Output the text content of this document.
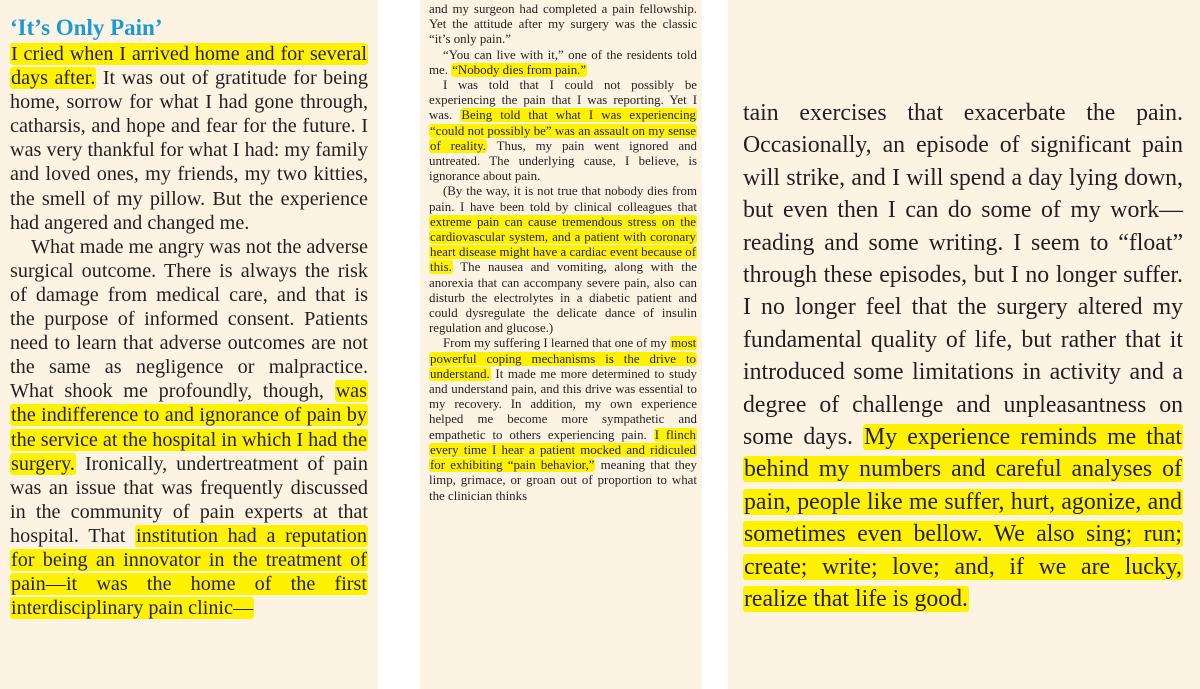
‘It’s Only Pain’

I cried when I arrived home and for several days after. It was out of gratitude for being home, sorrow for what I had gone through, catharsis, and hope and fear for the future. I was very thankful for what I had: my family and loved ones, my friends, my two kitties, the smell of my pillow. But the experience had angered and changed me.

What made me angry was not the adverse surgical outcome. There is always the risk of damage from medical care, and that is the purpose of informed consent. Patients need to learn that adverse outcomes are not the same as negligence or malpractice. What shook me profoundly, though, was the indifference to and ignorance of pain by the service at the hospital in which I had the surgery. Ironically, undertreatment of pain was an issue that was frequently discussed in the community of pain experts at that hospital. That institution had a reputation for being an innovator in the treatment of pain—it was the home of the first interdisciplinary pain clinic—

and my surgeon had completed a pain fellowship. Yet the attitude after my surgery was the classic “it’s only pain.”

“You can live with it,” one of the residents told me. “Nobody dies from pain.”

I was told that I could not possibly be experiencing the pain that I was reporting. Yet I was. Being told that what I was experiencing “could not possibly be” was an assault on my sense of reality. Thus, my pain went ignored and untreated. The underlying cause, I believe, is ignorance about pain.

(By the way, it is not true that nobody dies from pain. I have been told by clinical colleagues that extreme pain can cause tremendous stress on the cardiovascular system, and a patient with coronary heart disease might have a cardiac event because of this. The nausea and vomiting, along with the anorexia that can accompany severe pain, also can disturb the electrolytes in a diabetic patient and could dysregulate the delicate dance of insulin regulation and glucose.)

From my suffering I learned that one of my most powerful coping mechanisms is the drive to understand. It made me more determined to study and understand pain, and this drive was essential to my recovery. In addition, my own experience helped me become more sympathetic and empathetic to others experiencing pain. I flinch every time I hear a patient mocked and ridiculed for exhibiting “pain behavior,” meaning that they limp, grimace, or groan out of proportion to what the clinician thinks

tain exercises that exacerbate the pain. Occasionally, an episode of significant pain will strike, and I will spend a day lying down, but even then I can do some of my work—reading and some writing. I seem to “float” through these episodes, but I no longer suffer. I no longer feel that the surgery altered my fundamental quality of life, but rather that it introduced some limitations in activity and a degree of challenge and unpleasantness on some days. My experience reminds me that behind my numbers and careful analyses of pain, people like me suffer, hurt, agonize, and sometimes even bellow. We also sing; run; create; write; love; and, if we are lucky, realize that life is good.
